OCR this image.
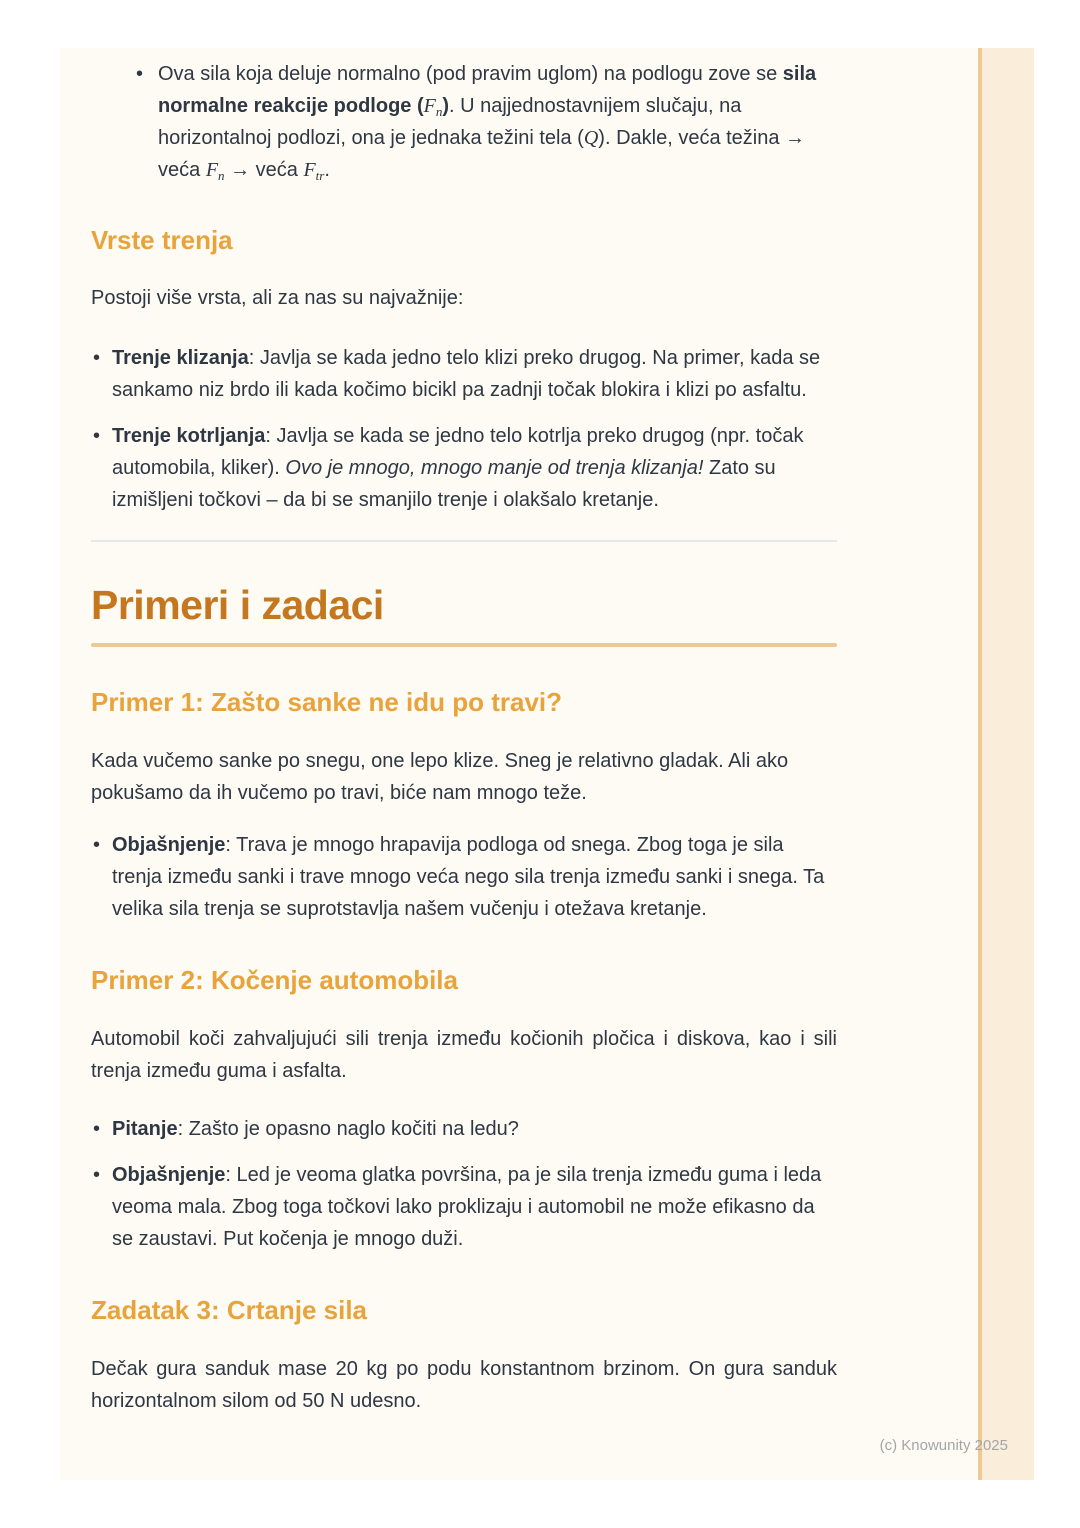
• Ova sila koja deluje normalno (pod pravim uglom) na podlogu zove se sila normalne reakcije podloge $(F_n)$. U najjednostavnijem slučaju, na horizontalnoj podlozi, ona je jednaka težini tela (Q). Dakle, veća težina → veća $F_n$ → veća $F_{tr}$.
Vrste trenja

Postoji više vrsta, ali za nas su najvažnije:

• Trenje klizanja: Javlja se kada jedno telo klizi preko drugog. Na primer, kada se sankamo niz brdo ili kada kočimo bicikl pa zadnji točak blokira i klizi po asfaltu.
• Trenje kotrljanja: Javlja se kada se jedno telo kotrlja preko drugog (npr. točak automobila, kliker). Ovo je mnogo, mnogo manje od trenja klizanja! Zato su izmišljeni točkovi – da bi se smanjilo trenje i olakšalo kretanje.
Primeri i zadaci
Primer 1: Zašto sanke ne idu po travi?

Kada vučemo sanke po snegu, one lepo klize. Sneg je relativno gladak. Ali ako pokušamo da ih vučemo po travi, biće nam mnogo teže.

• Objašnjenje: Trava je mnogo hrapavija podloga od snega. Zbog toga je sila trenja između sanki i trave mnogo veća nego sila trenja između sanki i snega. Ta velika sila trenja se suprotstavlja našem vučenju i otežava kretanje.
Primer 2: Kočenje automobila

Automobil koči zahvaljujući sili trenja između kočionih pločica i diskova, kao i sili trenja između guma i asfalta.

• Pitanje: Zašto je opasno naglo kočiti na ledu?
• Objašnjenje: Led je veoma glatka površina, pa je sila trenja između guma i leda veoma mala. Zbog toga točkovi lako proklizaju i automobil ne može efikasno da se zaustavi. Put kočenja je mnogo duži.
Zadatak 3: Crtanje sila

Dečak gura sanduk mase 20 kg po podu konstantnom brzinom. On gura sanduk horizontalnom silom od 50 N udesno.

(c) Knowunity 2025
